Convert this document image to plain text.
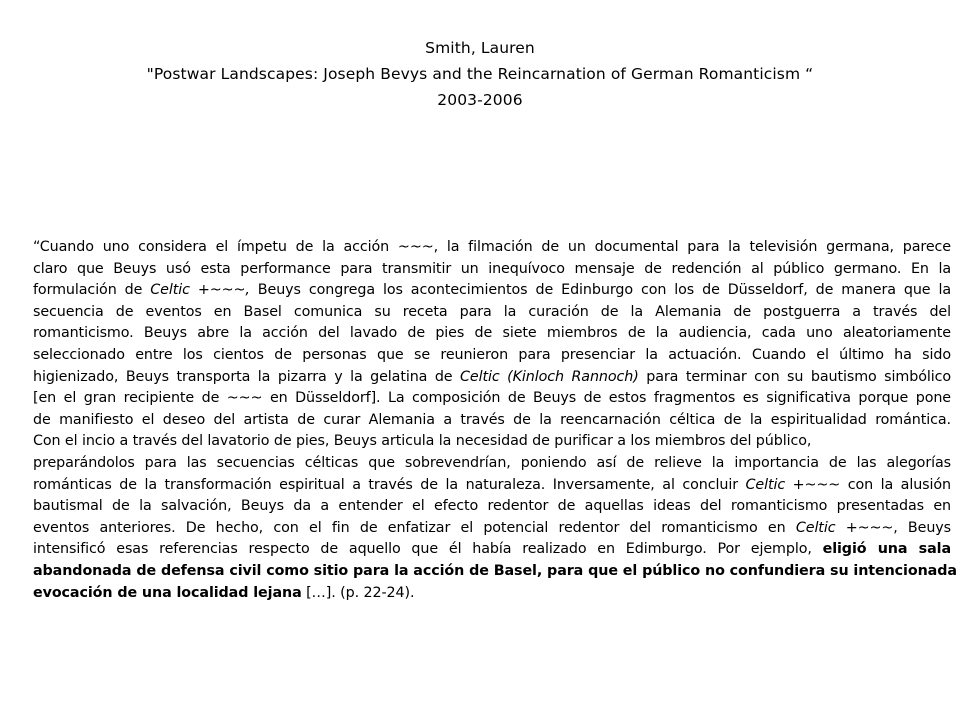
Smith, Lauren
"Postwar Landscapes: Joseph Bevys and the Reincarnation of German Romanticism “
2003-2006
“Cuando uno considera el ímpetu de la acción ~~~, la filmación de un documental para la televisión germana, parece
claro que Beuys usó esta performance para transmitir un inequívoco mensaje de redención al público germano. En la
formulación de Celtic +~~~, Beuys congrega los acontecimientos de Edinburgo con los de Düsseldorf, de manera que la
secuencia de eventos en Basel comunica su receta para la curación de la Alemania de postguerra a través del
romanticismo. Beuys abre la acción del lavado de pies de siete miembros de la audiencia, cada uno aleatoriamente
seleccionado entre los cientos de personas que se reunieron para presenciar la actuación. Cuando el último ha sido
higienizado, Beuys transporta la pizarra y la gelatina de Celtic (Kinloch Rannoch) para terminar con su bautismo simbólico
[en el gran recipiente de ~~~ en Düsseldorf]. La composición de Beuys de estos fragmentos es significativa porque pone
de manifiesto el deseo del artista de curar Alemania a través de la reencarnación céltica de la espiritualidad romántica.
Con el incio a través del lavatorio de pies, Beuys articula la necesidad de purificar a los miembros del público,
preparándolos para las secuencias célticas que sobrevendrían, poniendo así de relieve la importancia de las alegorías
románticas de la transformación espiritual a través de la naturaleza. Inversamente, al concluir Celtic +~~~ con la alusión
bautismal de la salvación, Beuys da a entender el efecto redentor de aquellas ideas del romanticismo presentadas en
eventos anteriores. De hecho, con el fin de enfatizar el potencial redentor del romanticismo en Celtic +~~~, Beuys
intensificó esas referencias respecto de aquello que él había realizado en Edimburgo. Por ejemplo, eligió una sala
abandonada de defensa civil como sitio para la acción de Basel, para que el público no confundiera su intencionada
evocación de una localidad lejana […]. (p. 22-24).
